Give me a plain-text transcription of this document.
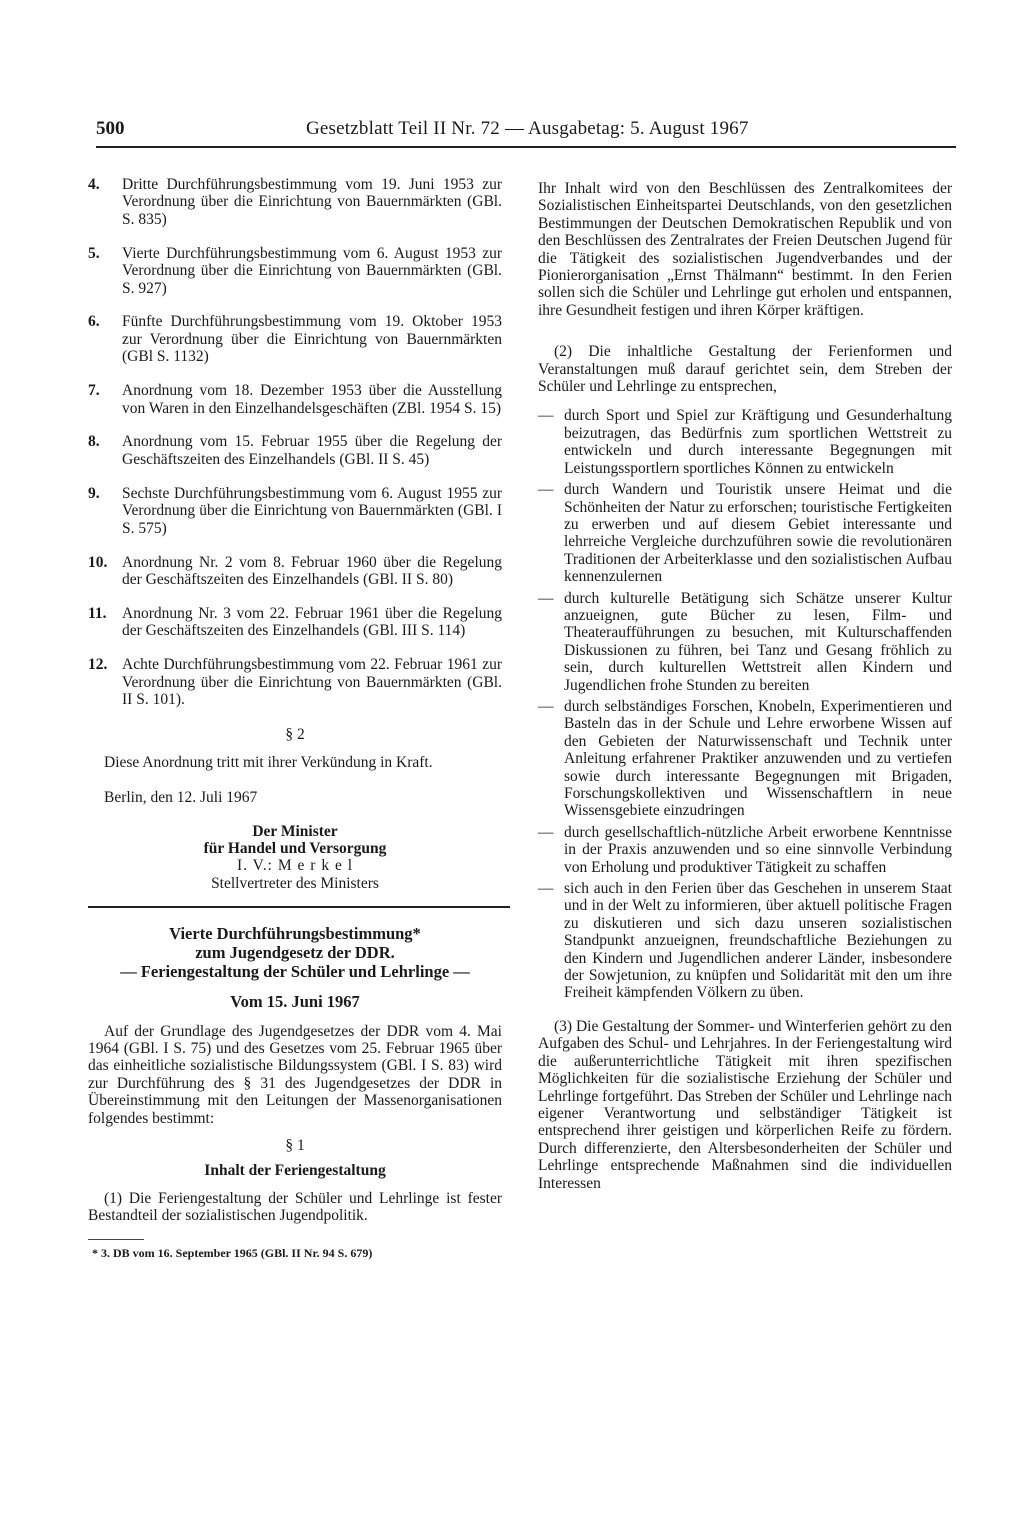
500	Gesetzblatt Teil II Nr. 72 — Ausgabetag: 5. August 1967
4.	Dritte Durchführungsbestimmung vom 19. Juni 1953 zur Verordnung über die Einrichtung von Bauernmärkten (GBl. S. 835)
5.	Vierte Durchführungsbestimmung vom 6. August 1953 zur Verordnung über die Einrichtung von Bauernmärkten (GBl. S. 927)
6.	Fünfte Durchführungsbestimmung vom 19. Oktober 1953 zur Verordnung über die Einrichtung von Bauernmärkten (GBl S. 1132)
7.	Anordnung vom 18. Dezember 1953 über die Ausstellung von Waren in den Einzelhandelsgeschäften (ZBl. 1954 S. 15)
8.	Anordnung vom 15. Februar 1955 über die Regelung der Geschäftszeiten des Einzelhandels (GBl. II S. 45)
9.	Sechste Durchführungsbestimmung vom 6. August 1955 zur Verordnung über die Einrichtung von Bauernmärkten (GBl. I S. 575)
10. Anordnung Nr. 2 vom 8. Februar 1960 über die Regelung der Geschäftszeiten des Einzelhandels (GBl. II S. 80)
11. Anordnung Nr. 3 vom 22. Februar 1961 über die Regelung der Geschäftszeiten des Einzelhandels (GBl. III S. 114)
12. Achte Durchführungsbestimmung vom 22. Februar 1961 zur Verordnung über die Einrichtung von Bauernmärkten (GBl. II S. 101).
§ 2

Diese Anordnung tritt mit ihrer Verkündung in Kraft.

Berlin, den 12. Juli 1967

Der Minister
für Handel und Versorgung
I. V.: M e r k e l
Stellvertreter des Ministers
Vierte Durchführungsbestimmung*
zum Jugendgesetz der DDR.
— Feriengestaltung der Schüler und Lehrlinge —
Vom 15. Juni 1967

Auf der Grundlage des Jugendgesetzes der DDR vom 4. Mai 1964 (GBl. I S. 75) und des Gesetzes vom 25. Februar 1965 über das einheitliche sozialistische Bildungssystem (GBl. I S. 83) wird zur Durchführung des § 31 des Jugendgesetzes der DDR in Übereinstimmung mit den Leitungen der Massenorganisationen folgendes bestimmt:

§ 1
Inhalt der Feriengestaltung

(1) Die Feriengestaltung der Schüler und Lehrlinge ist fester Bestandteil der sozialistischen Jugendpolitik.

* 3. DB vom 16. September 1965 (GBl. II Nr. 94 S. 679)

Ihr Inhalt wird von den Beschlüssen des Zentralkomitees der Sozialistischen Einheitspartei Deutschlands, von den gesetzlichen Bestimmungen der Deutschen Demokratischen Republik und von den Beschlüssen des Zentralrates der Freien Deutschen Jugend für die Tätigkeit des sozialistischen Jugendverbandes und der Pionierorganisation „Ernst Thälmann“ bestimmt. In den Ferien sollen sich die Schüler und Lehrlinge gut erholen und entspannen, ihre Gesundheit festigen und ihren Körper kräftigen.

(2) Die inhaltliche Gestaltung der Ferienformen und Veranstaltungen muß darauf gerichtet sein, dem Streben der Schüler und Lehrlinge zu entsprechen,

— durch Sport und Spiel zur Kräftigung und Gesunderhaltung beizutragen, das Bedürfnis zum sportlichen Wettstreit zu entwickeln und durch interessante Begegnungen mit Leistungssportlern sportliches Können zu entwickeln
— durch Wandern und Touristik unsere Heimat und die Schönheiten der Natur zu erforschen; touristische Fertigkeiten zu erwerben und auf diesem Gebiet interessante und lehrreiche Vergleiche durchzuführen sowie die revolutionären Traditionen der Arbeiterklasse und den sozialistischen Aufbau kennenzulernen
— durch kulturelle Betätigung sich Schätze unserer Kultur anzueignen, gute Bücher zu lesen, Film- und Theateraufführungen zu besuchen, mit Kulturschaffenden Diskussionen zu führen, bei Tanz und Gesang fröhlich zu sein, durch kulturellen Wettstreit allen Kindern und Jugendlichen frohe Stunden zu bereiten
— durch selbständiges Forschen, Knobeln, Experimentieren und Basteln das in der Schule und Lehre erworbene Wissen auf den Gebieten der Naturwissenschaft und Technik unter Anleitung erfahrener Praktiker anzuwenden und zu vertiefen sowie durch interessante Begegnungen mit Brigaden, Forschungskollektiven und Wissenschaftlern in neue Wissensgebiete einzudringen
— durch gesellschaftlich-nützliche Arbeit erworbene Kenntnisse in der Praxis anzuwenden und so eine sinnvolle Verbindung von Erholung und produktiver Tätigkeit zu schaffen
— sich auch in den Ferien über das Geschehen in unserem Staat und in der Welt zu informieren, über aktuell politische Fragen zu diskutieren und sich dazu unseren sozialistischen Standpunkt anzueignen, freundschaftliche Beziehungen zu den Kindern und Jugendlichen anderer Länder, insbesondere der Sowjetunion, zu knüpfen und Solidarität mit den um ihre Freiheit kämpfenden Völkern zu üben.

(3) Die Gestaltung der Sommer- und Winterferien gehört zu den Aufgaben des Schul- und Lehrjahres. In der Feriengestaltung wird die außerunterrichtliche Tätigkeit mit ihren spezifischen Möglichkeiten für die sozialistische Erziehung der Schüler und Lehrlinge fortgeführt. Das Streben der Schüler und Lehrlinge nach eigener Verantwortung und selbständiger Tätigkeit ist entsprechend ihrer geistigen und körperlichen Reife zu fördern. Durch differenzierte, den Altersbesonderheiten der Schüler und Lehrlinge entsprechende Maßnahmen sind die individuellen Interessen
